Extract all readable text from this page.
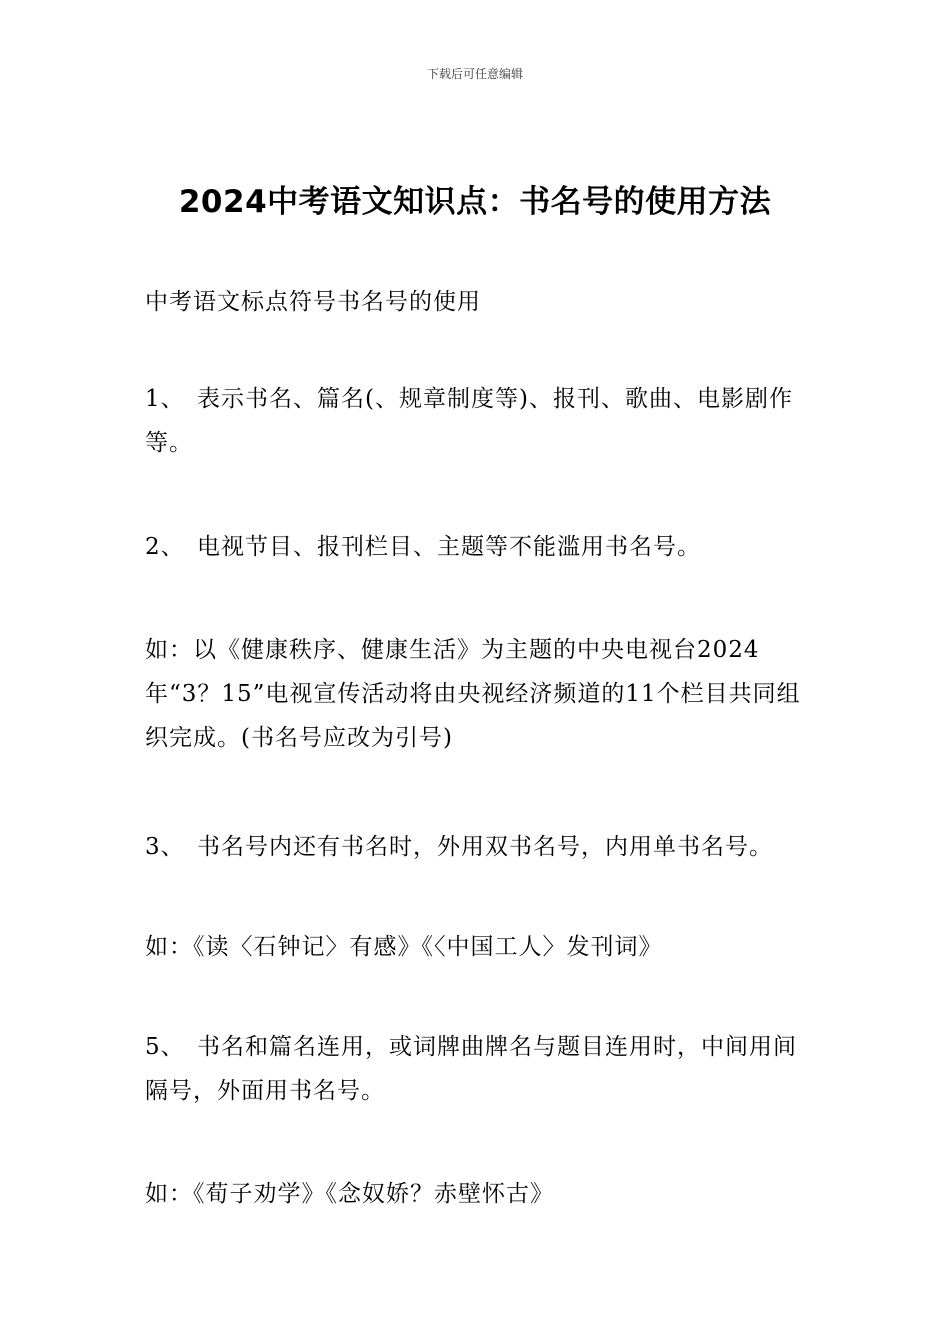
下载后可任意编辑
2024中考语文知识点：书名号的使用方法
中考语文标点符号书名号的使用
1、 表示书名、篇名(、规章制度等)、报刊、歌曲、电影剧作等。
2、 电视节目、报刊栏目、主题等不能滥用书名号。
如：以《健康秩序、健康生活》为主题的中央电视台2024年“3？15”电视宣传活动将由央视经济频道的11个栏目共同组织完成。(书名号应改为引号)
3、 书名号内还有书名时，外用双书名号，内用单书名号。
如：《读〈石钟记〉有感》《〈中国工人〉发刊词》
5、 书名和篇名连用，或词牌曲牌名与题目连用时，中间用间隔号，外面用书名号。
如：《荀子劝学》《念奴娇？赤壁怀古》
